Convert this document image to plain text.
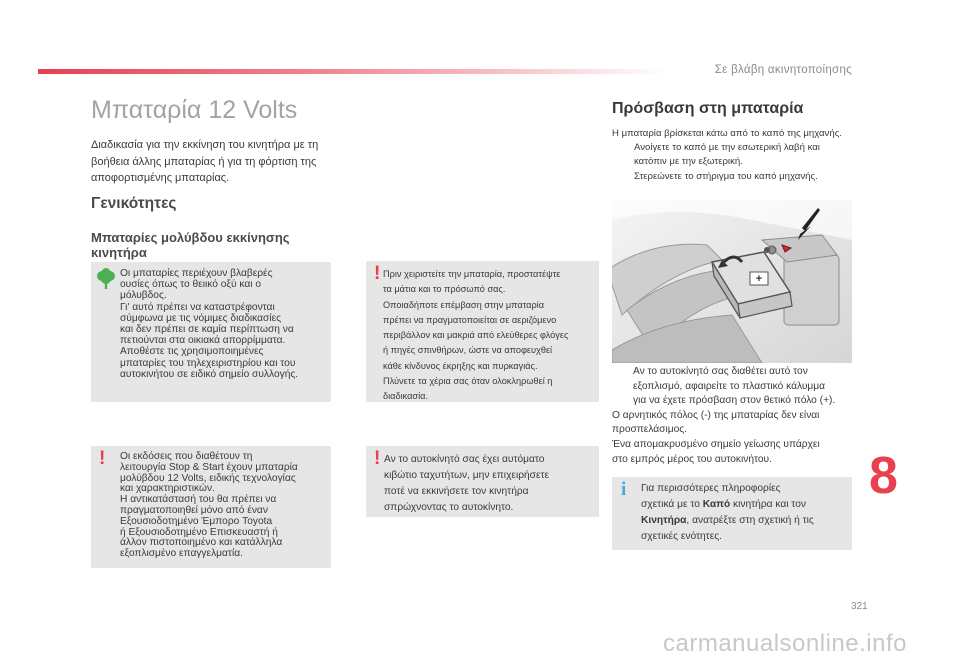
Σε βλάβη ακινητοποίησης
Μπαταρία 12 Volts

Διαδικασία για την εκκίνηση του κινητήρα με τη βοήθεια άλλης μπαταρίας ή για τη φόρτιση της αποφορτισμένης μπαταρίας.

Γενικότητες
Μπαταρίες μολύβδου εκκίνησης κινητήρα
Οι μπαταρίες περιέχουν βλαβερές
ουσίες όπως το θειικό οξύ και ο
μόλυβδος.
Γι' αυτό πρέπει να καταστρέφονται
σύμφωνα με τις νόμιμες διαδικασίες
και δεν πρέπει σε καμία περίπτωση να
πετιούνται στα οικιακά απορρίμματα.
Αποθέστε τις χρησιμοποιημένες
μπαταρίες του τηλεχειριστηρίου και του
αυτοκινήτου σε ειδικό σημείο συλλογής.
! Οι εκδόσεις που διαθέτουν τη
λειτουργία Stop & Start έχουν μπαταρία
μολύβδου 12 Volts, ειδικής τεχνολογίας
και χαρακτηριστικών.
Η αντικατάστασή του θα πρέπει να
πραγματοποιηθεί μόνο από έναν
Εξουσιοδοτημένο Έμπορο Toyota
ή Εξουσιοδοτημένο Επισκευαστή ή
άλλον πιστοποιημένο και κατάλληλα
εξοπλισμένο επαγγελματία.
! Πριν χειριστείτε την μπαταρία, προστατέψτε
τα μάτια και το πρόσωπό σας.
Οποιαδήποτε επέμβαση στην μπαταρία
πρέπει να πραγματοποιείται σε αεριζόμενο
περιβάλλον και μακριά από ελεύθερες φλόγες
ή πηγές σπινθήρων, ώστε να αποφευχθεί
κάθε κίνδυνος έκρηξης και πυρκαγιάς.
Πλύνετε τα χέρια σας όταν ολοκληρωθεί η
διαδικασία.
! Αν το αυτοκίνητό σας έχει αυτόματο
κιβώτιο ταχυτήτων, μην επιχειρήσετε
ποτέ να εκκινήσετε τον κινητήρα
σπρώχνοντας το αυτοκίνητο.
Πρόσβαση στη μπαταρία

Η μπαταρία βρίσκεται κάτω από το καπό της μηχανής.

Ανοίγετε το καπό με την εσωτερική λαβή και
κατόπιν με την εξωτερική.
Στερεώνετε το στήριγμα του καπό μηχανής.
+
Αν το αυτοκίνητό σας διαθέτει αυτό τον
εξοπλισμό, αφαιρείτε το πλαστικό κάλυμμα
για να έχετε πρόσβαση στον θετικό πόλο (+).
Ο αρνητικός πόλος (-) της μπαταρίας δεν είναι
προσπελάσιμος.
Ένα απομακρυσμένο σημείο γείωσης υπάρχει
στο εμπρός μέρος του αυτοκινήτου.
i Για περισσότερες πληροφορίες
σχετικά με το Καπό κινητήρα και τον
Κινητήρα, ανατρέξτε στη σχετική ή τις
σχετικές ενότητες.
8
321
carmanualsonline.info
